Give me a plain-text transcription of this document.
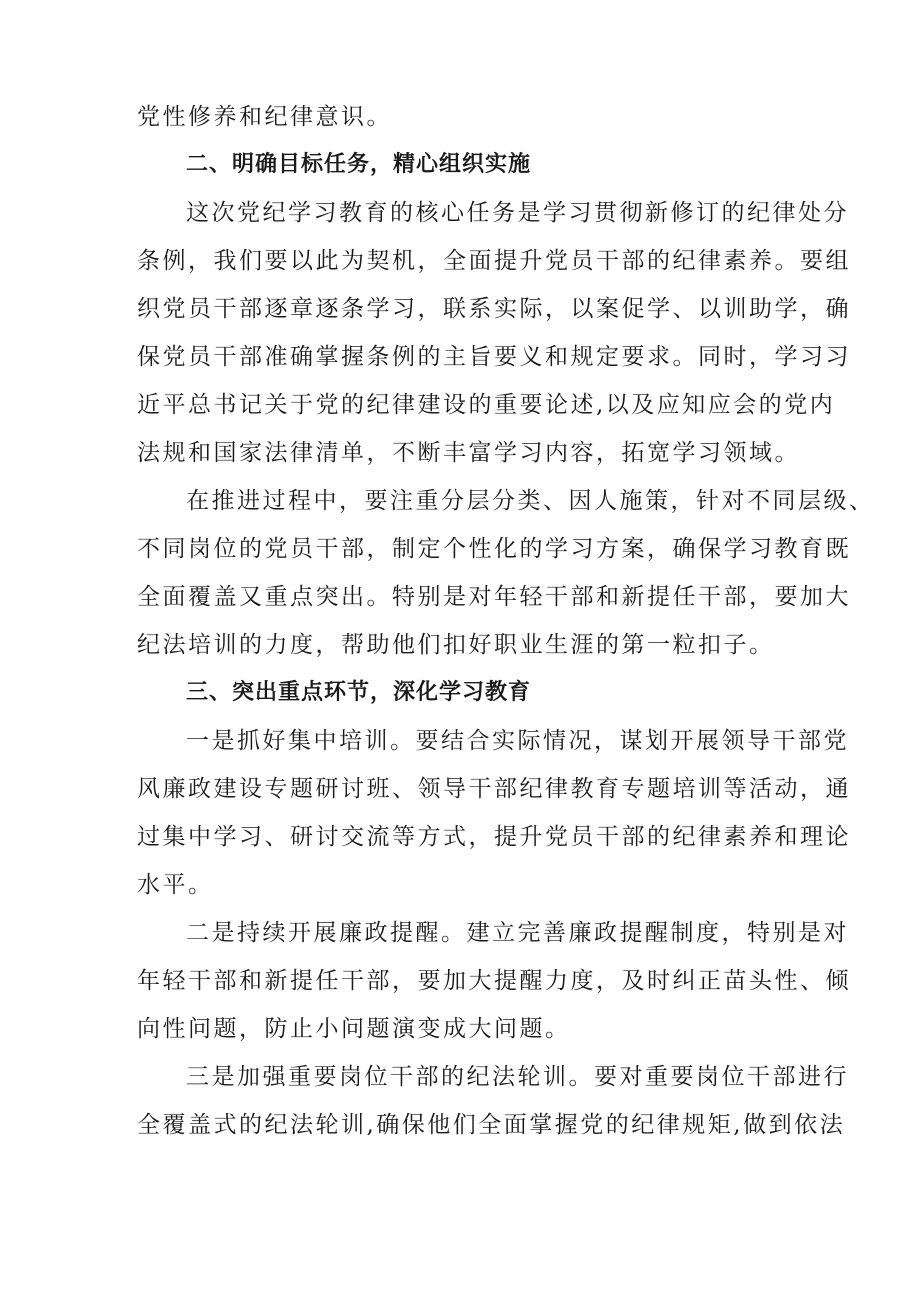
党性修养和纪律意识。
二、明确目标任务，精心组织实施
这次党纪学习教育的核心任务是学习贯彻新修订的纪律处分
条例，我们要以此为契机，全面提升党员干部的纪律素养。要组
织党员干部逐章逐条学习，联系实际，以案促学、以训助学，确
保党员干部准确掌握条例的主旨要义和规定要求。同时，学习习
近平总书记关于党的纪律建设的重要论述,以及应知应会的党内
法规和国家法律清单，不断丰富学习内容，拓宽学习领域。
在推进过程中，要注重分层分类、因人施策，针对不同层级、
不同岗位的党员干部，制定个性化的学习方案，确保学习教育既
全面覆盖又重点突出。特别是对年轻干部和新提任干部，要加大
纪法培训的力度，帮助他们扣好职业生涯的第一粒扣子。
三、突出重点环节，深化学习教育
一是抓好集中培训。要结合实际情况，谋划开展领导干部党
风廉政建设专题研讨班、领导干部纪律教育专题培训等活动，通
过集中学习、研讨交流等方式，提升党员干部的纪律素养和理论
水平。
二是持续开展廉政提醒。建立完善廉政提醒制度，特别是对
年轻干部和新提任干部，要加大提醒力度，及时纠正苗头性、倾
向性问题，防止小问题演变成大问题。
三是加强重要岗位干部的纪法轮训。要对重要岗位干部进行
全覆盖式的纪法轮训,确保他们全面掌握党的纪律规矩,做到依法
